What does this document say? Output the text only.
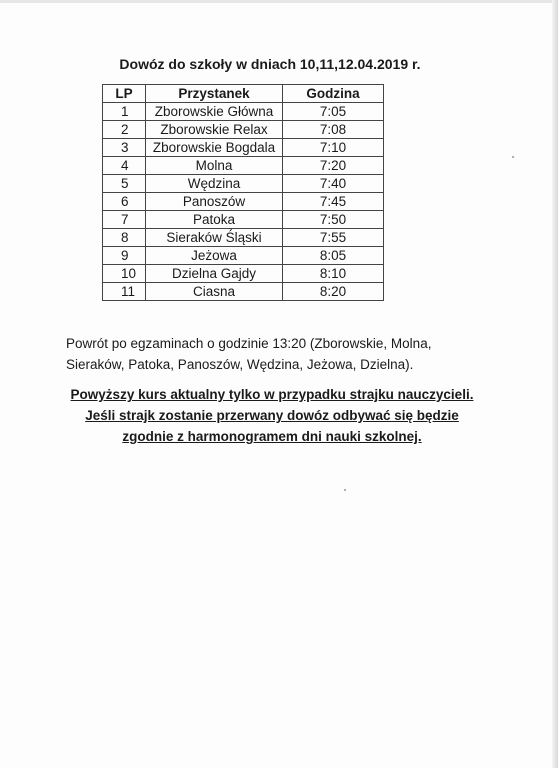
Dowóz do szkoły w dniach 10,11,12.04.2019 r.
LP	Przystanek	Godzina
1	Zborowskie Główna	7:05
2	Zborowskie Relax	7:08
3	Zborowskie Bogdala	7:10
4	Molna	7:20
5	Wędzina	7:40
6	Panoszów	7:45
7	Patoka	7:50
8	Sieraków Śląski	7:55
9	Jeżowa	8:05
10	Dzielna Gajdy	8:10
11	Ciasna	8:20
Powrót po egzaminach o godzinie 13:20 (Zborowskie, Molna, Sieraków, Patoka, Panoszów, Wędzina, Jeżowa, Dzielna).
Powyższy kurs aktualny tylko w przypadku strajku nauczycieli. Jeśli strajk zostanie przerwany dowóz odbywać się będzie zgodnie z harmonogramem dni nauki szkolnej.
